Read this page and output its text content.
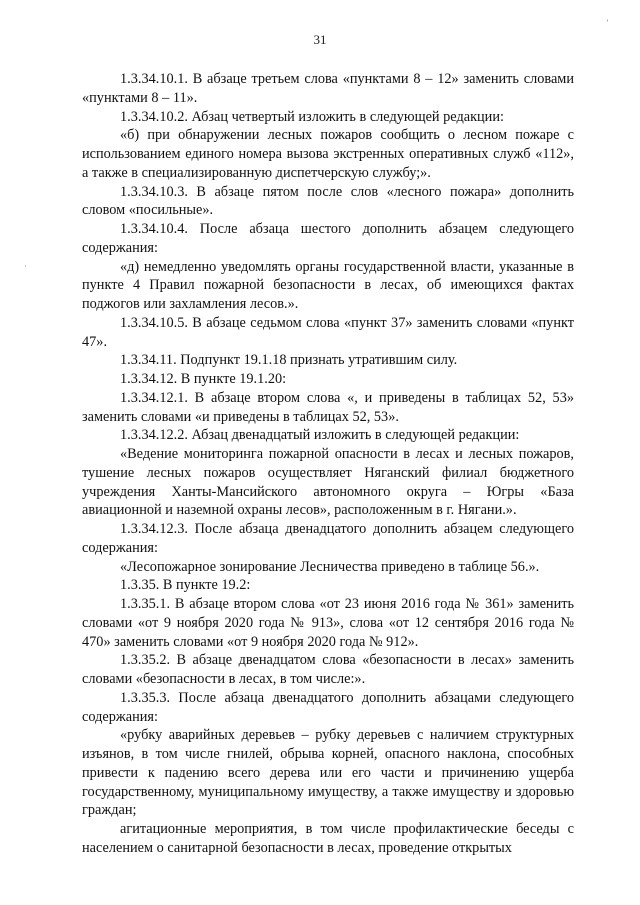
31

1.3.34.10.1. В абзаце третьем слова «пунктами 8 – 12» заменить словами «пунктами 8 – 11».

1.3.34.10.2. Абзац четвертый изложить в следующей редакции:

«б) при обнаружении лесных пожаров сообщить о лесном пожаре с использованием единого номера вызова экстренных оперативных служб «112», а также в специализированную диспетчерскую службу;».

1.3.34.10.3. В абзаце пятом после слов «лесного пожара» дополнить словом «посильные».

1.3.34.10.4. После абзаца шестого дополнить абзацем следующего содержания:

«д) немедленно уведомлять органы государственной власти, указанные в пункте 4 Правил пожарной безопасности в лесах, об имеющихся фактах поджогов или захламления лесов.».

1.3.34.10.5. В абзаце седьмом слова «пункт 37» заменить словами «пункт 47».

1.3.34.11. Подпункт 19.1.18 признать утратившим силу.

1.3.34.12. В пункте 19.1.20:

1.3.34.12.1. В абзаце втором слова «, и приведены в таблицах 52, 53» заменить словами «и приведены в таблицах 52, 53».

1.3.34.12.2. Абзац двенадцатый изложить в следующей редакции:

«Ведение мониторинга пожарной опасности в лесах и лесных пожаров, тушение лесных пожаров осуществляет Няганский филиал бюджетного учреждения Ханты-Мансийского автономного округа – Югры «База авиационной и наземной охраны лесов», расположенным в г. Нягани.».

1.3.34.12.3. После абзаца двенадцатого дополнить абзацем следующего содержания:

«Лесопожарное зонирование Лесничества приведено в таблице 56.».

1.3.35. В пункте 19.2:

1.3.35.1. В абзаце втором слова «от 23 июня 2016 года № 361» заменить словами «от 9 ноября 2020 года № 913», слова «от 12 сентября 2016 года № 470» заменить словами «от 9 ноября 2020 года № 912».

1.3.35.2. В абзаце двенадцатом слова «безопасности в лесах» заменить словами «безопасности в лесах, в том числе:».

1.3.35.3. После абзаца двенадцатого дополнить абзацами следующего содержания:

«рубку аварийных деревьев – рубку деревьев с наличием структурных изъянов, в том числе гнилей, обрыва корней, опасного наклона, способных привести к падению всего дерева или его части и причинению ущерба государственному, муниципальному имуществу, а также имуществу и здоровью граждан;

агитационные мероприятия, в том числе профилактические беседы с населением о санитарной безопасности в лесах, проведение открытых

ʼ
·
